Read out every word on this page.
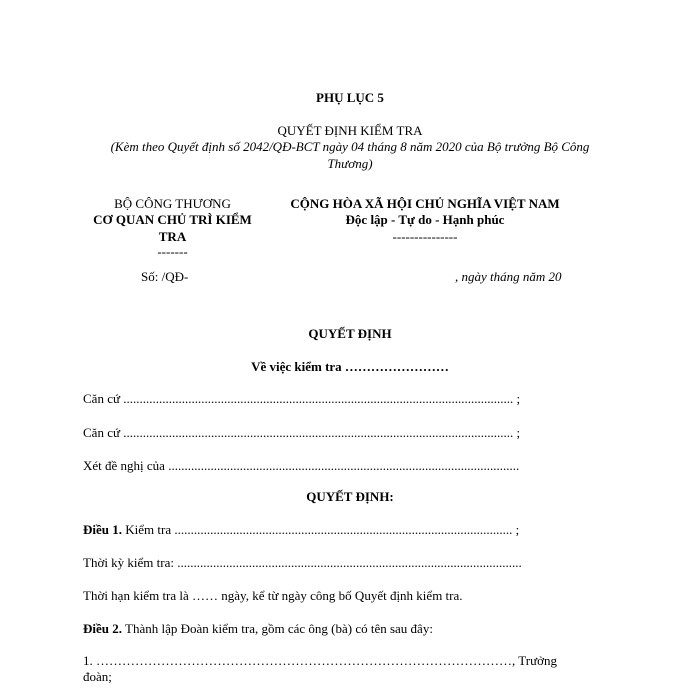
PHỤ LỤC 5
QUYẾT ĐỊNH KIỂM TRA
(Kèm theo Quyết định số 2042/QĐ-BCT ngày 04 tháng 8 năm 2020 của Bộ trưởng Bộ Công
Thương)
BỘ CÔNG THƯƠNG
CƠ QUAN CHỦ TRÌ KIỂM
TRA
-------
Số: /QĐ-
CỘNG HÒA XÃ HỘI CHỦ NGHĨA VIỆT NAM
Độc lập - Tự do - Hạnh phúc
---------------
, ngày tháng năm 20
QUYẾT ĐỊNH
Về việc kiểm tra ……………………
Căn cứ ........................................................................................................................ ;
Căn cứ ........................................................................................................................ ;
Xét đề nghị của ............................................................................................................
QUYẾT ĐỊNH:
Điều 1. Kiểm tra ........................................................................................................ ;
Thời kỳ kiểm tra: ..........................................................................................................
Thời hạn kiểm tra là …… ngày, kể từ ngày công bố Quyết định kiểm tra.
Điều 2. Thành lập Đoàn kiểm tra, gồm các ông (bà) có tên sau đây:
1. ……………………………………………………………………………………, Trưởng
đoàn;
